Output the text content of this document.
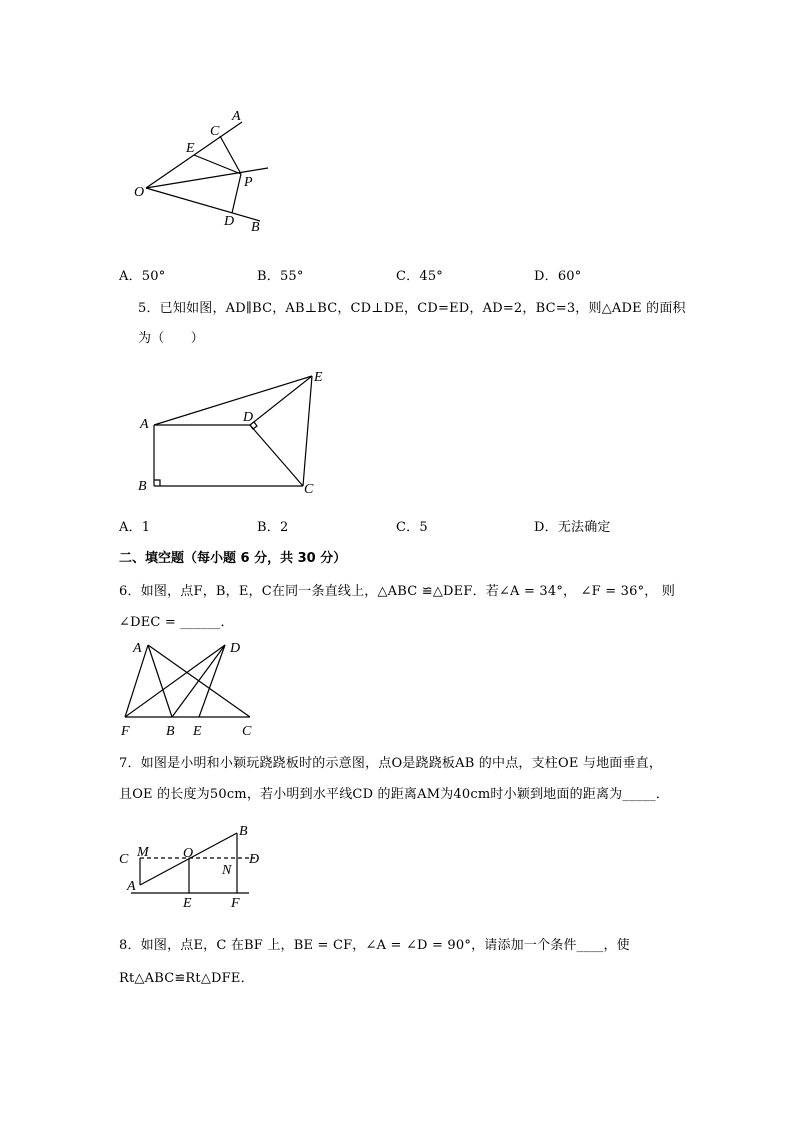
A
C
E
O
P
D B
A．50°	B．55°	C．45°	D．60°
5．已知如图，AD∥BC，AB⊥BC，CD⊥DE，CD=ED，AD=2，BC=3，则△ADE 的面积
为（　　）
A
B	C
D
E
A．1	B．2	C．5	D．无法确定
二、填空题（每小题 6 分，共 30 分）
6．如图，点F，B，E，C在同一条直线上，△ABC ≌△DEF．若∠A = 34°， ∠F = 36°， 则
∠DEC = ______．
A	D
F	B E	C
7．如图是小明和小颖玩跷跷板时的示意图，点O是跷跷板AB 的中点，支柱OE 与地面垂直，
且OE 的长度为50cm，若小明到水平线CD 的距离AM为40cm时小颖到地面的距离为_____．
C M O	D
A
B
N
E	F
8．如图，点E，C 在BF 上，BE = CF，∠A = ∠D = 90°，请添加一个条件____，使
Rt△ABC≌Rt△DFE．
